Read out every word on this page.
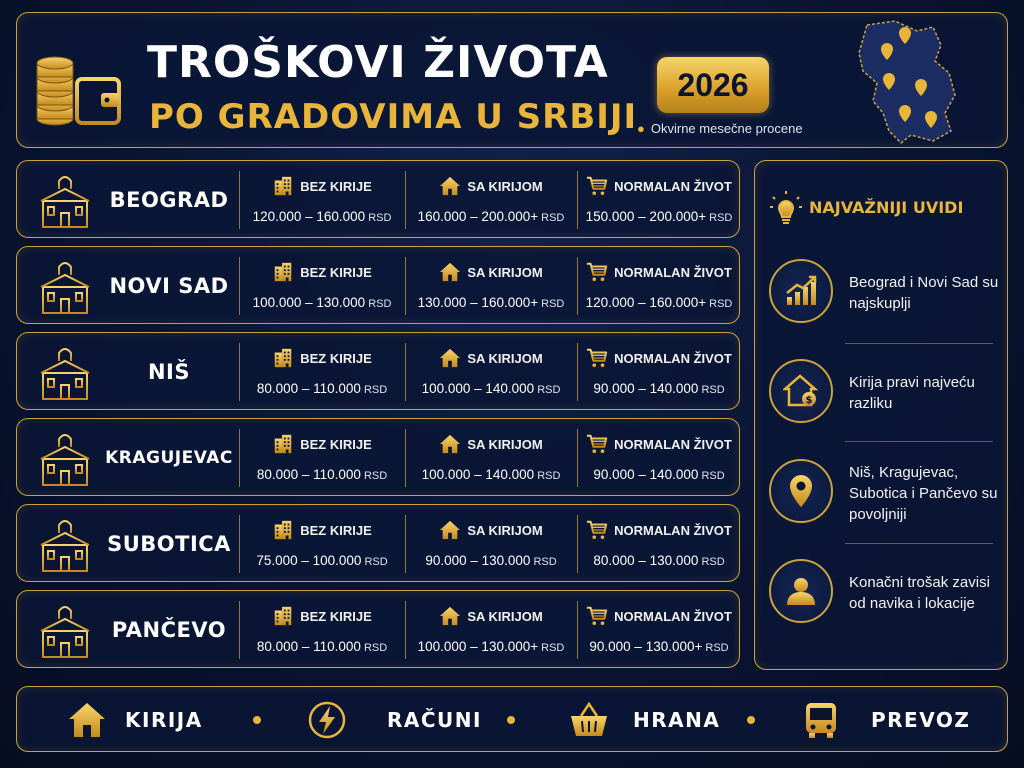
TROŠKOVI ŽIVOTA
PO GRADOVIMA U SRBIJI
2026
● Okvirne mesečne procene
BEOGRAD
BEZ KIRIJE
120.000 – 160.000 RSD
SA KIRIJOM
160.000 – 200.000+ RSD
NORMALAN ŽIVOT
150.000 – 200.000+ RSD
NOVI SAD
BEZ KIRIJE
100.000 – 130.000 RSD
SA KIRIJOM
130.000 – 160.000+ RSD
NORMALAN ŽIVOT
120.000 – 160.000+ RSD
NIŠ
BEZ KIRIJE
80.000 – 110.000 RSD
SA KIRIJOM
100.000 – 140.000 RSD
NORMALAN ŽIVOT
90.000 – 140.000 RSD
KRAGUJEVAC
BEZ KIRIJE
80.000 – 110.000 RSD
SA KIRIJOM
100.000 – 140.000 RSD
NORMALAN ŽIVOT
90.000 – 140.000 RSD
SUBOTICA
BEZ KIRIJE
75.000 – 100.000 RSD
SA KIRIJOM
90.000 – 130.000 RSD
NORMALAN ŽIVOT
80.000 – 130.000 RSD
PANČEVO
BEZ KIRIJE
80.000 – 110.000 RSD
SA KIRIJOM
100.000 – 130.000+ RSD
NORMALAN ŽIVOT
90.000 – 130.000+ RSD
NAJVAŽNIJI UVIDI
Beograd i Novi Sad su najskuplji
$
Kirija pravi najveću razliku
Niš, Kragujevac, Subotica i Pančevo su povoljniji
Konačni trošak zavisi od navika i lokacije
KIRIJA	RAČUNI	HRANA	PREVOZ
